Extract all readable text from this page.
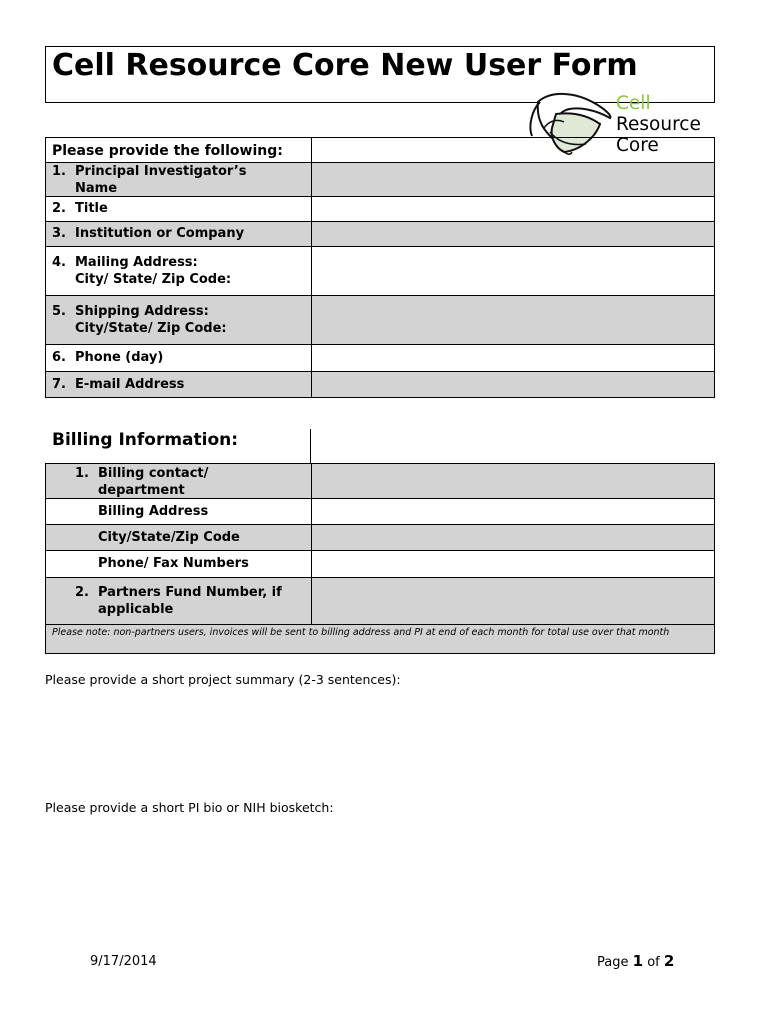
Cell Resource Core New User Form
Cell
Resource
Core
Please provide the following:
1. Principal Investigator’s
Name
2. Title
3. Institution or Company
4. Mailing Address:
City/ State/ Zip Code:
5. Shipping Address:
City/State/ Zip Code:
6. Phone (day)
7. E-mail Address
Billing Information:
1. Billing contact/
department
Billing Address
City/State/Zip Code
Phone/ Fax Numbers
2. Partners Fund Number, if
applicable
Please note: non-partners users, invoices will be sent to billing address and PI at end of each month for total use over that month
Please provide a short project summary (2-3 sentences):
Please provide a short PI bio or NIH biosketch:
9/17/2014	Page 1 of 2
